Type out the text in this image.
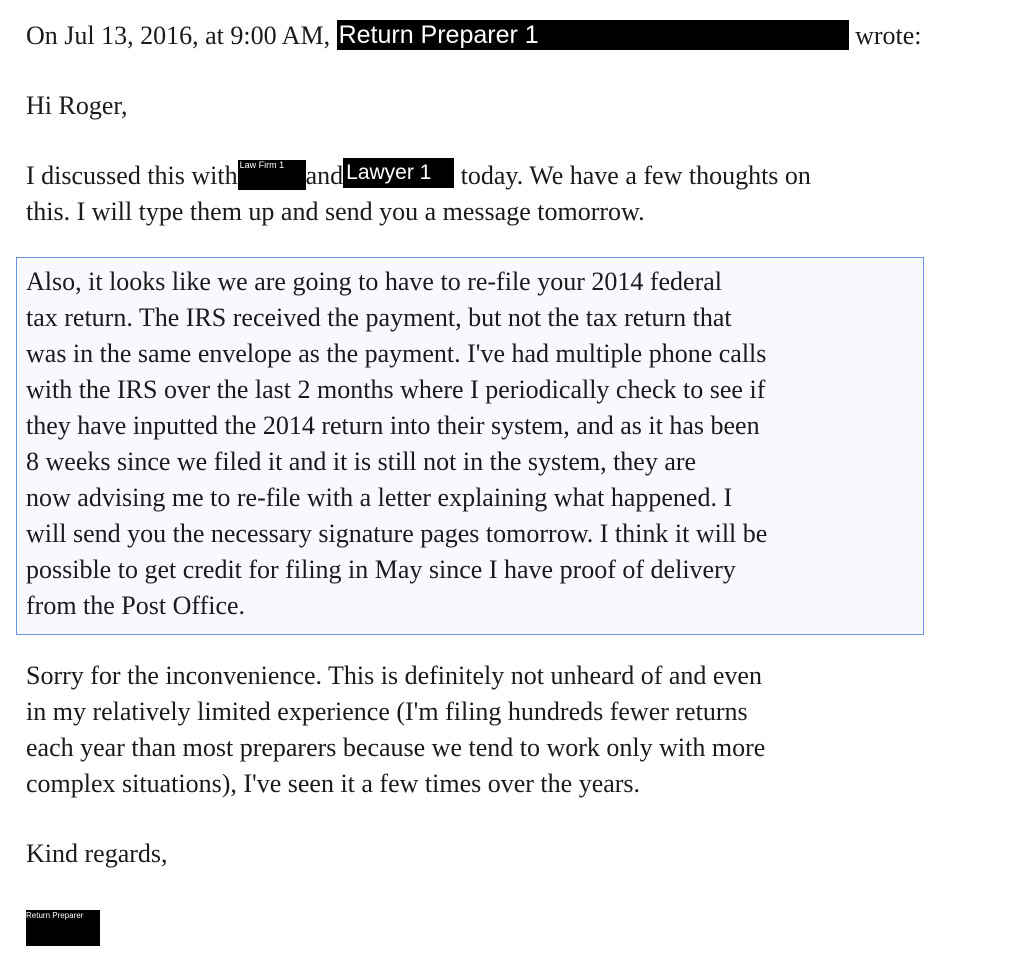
On Jul 13, 2016, at 9:00 AM, Return Preparer 1	wrote:
Hi Roger,
I discussed this with Law Firm 1 and Lawyer 1 today. We have a few thoughts on
this. I will type them up and send you a message tomorrow.
Also, it looks like we are going to have to re-file your 2014 federal
tax return. The IRS received the payment, but not the tax return that
was in the same envelope as the payment. I've had multiple phone calls
with the IRS over the last 2 months where I periodically check to see if
they have inputted the 2014 return into their system, and as it has been
8 weeks since we filed it and it is still not in the system, they are
now advising me to re-file with a letter explaining what happened. I
will send you the necessary signature pages tomorrow. I think it will be
possible to get credit for filing in May since I have proof of delivery
from the Post Office.
Sorry for the inconvenience. This is definitely not unheard of and even
in my relatively limited experience (I'm filing hundreds fewer returns
each year than most preparers because we tend to work only with more
complex situations), I've seen it a few times over the years.
Kind regards,
Return Preparer
